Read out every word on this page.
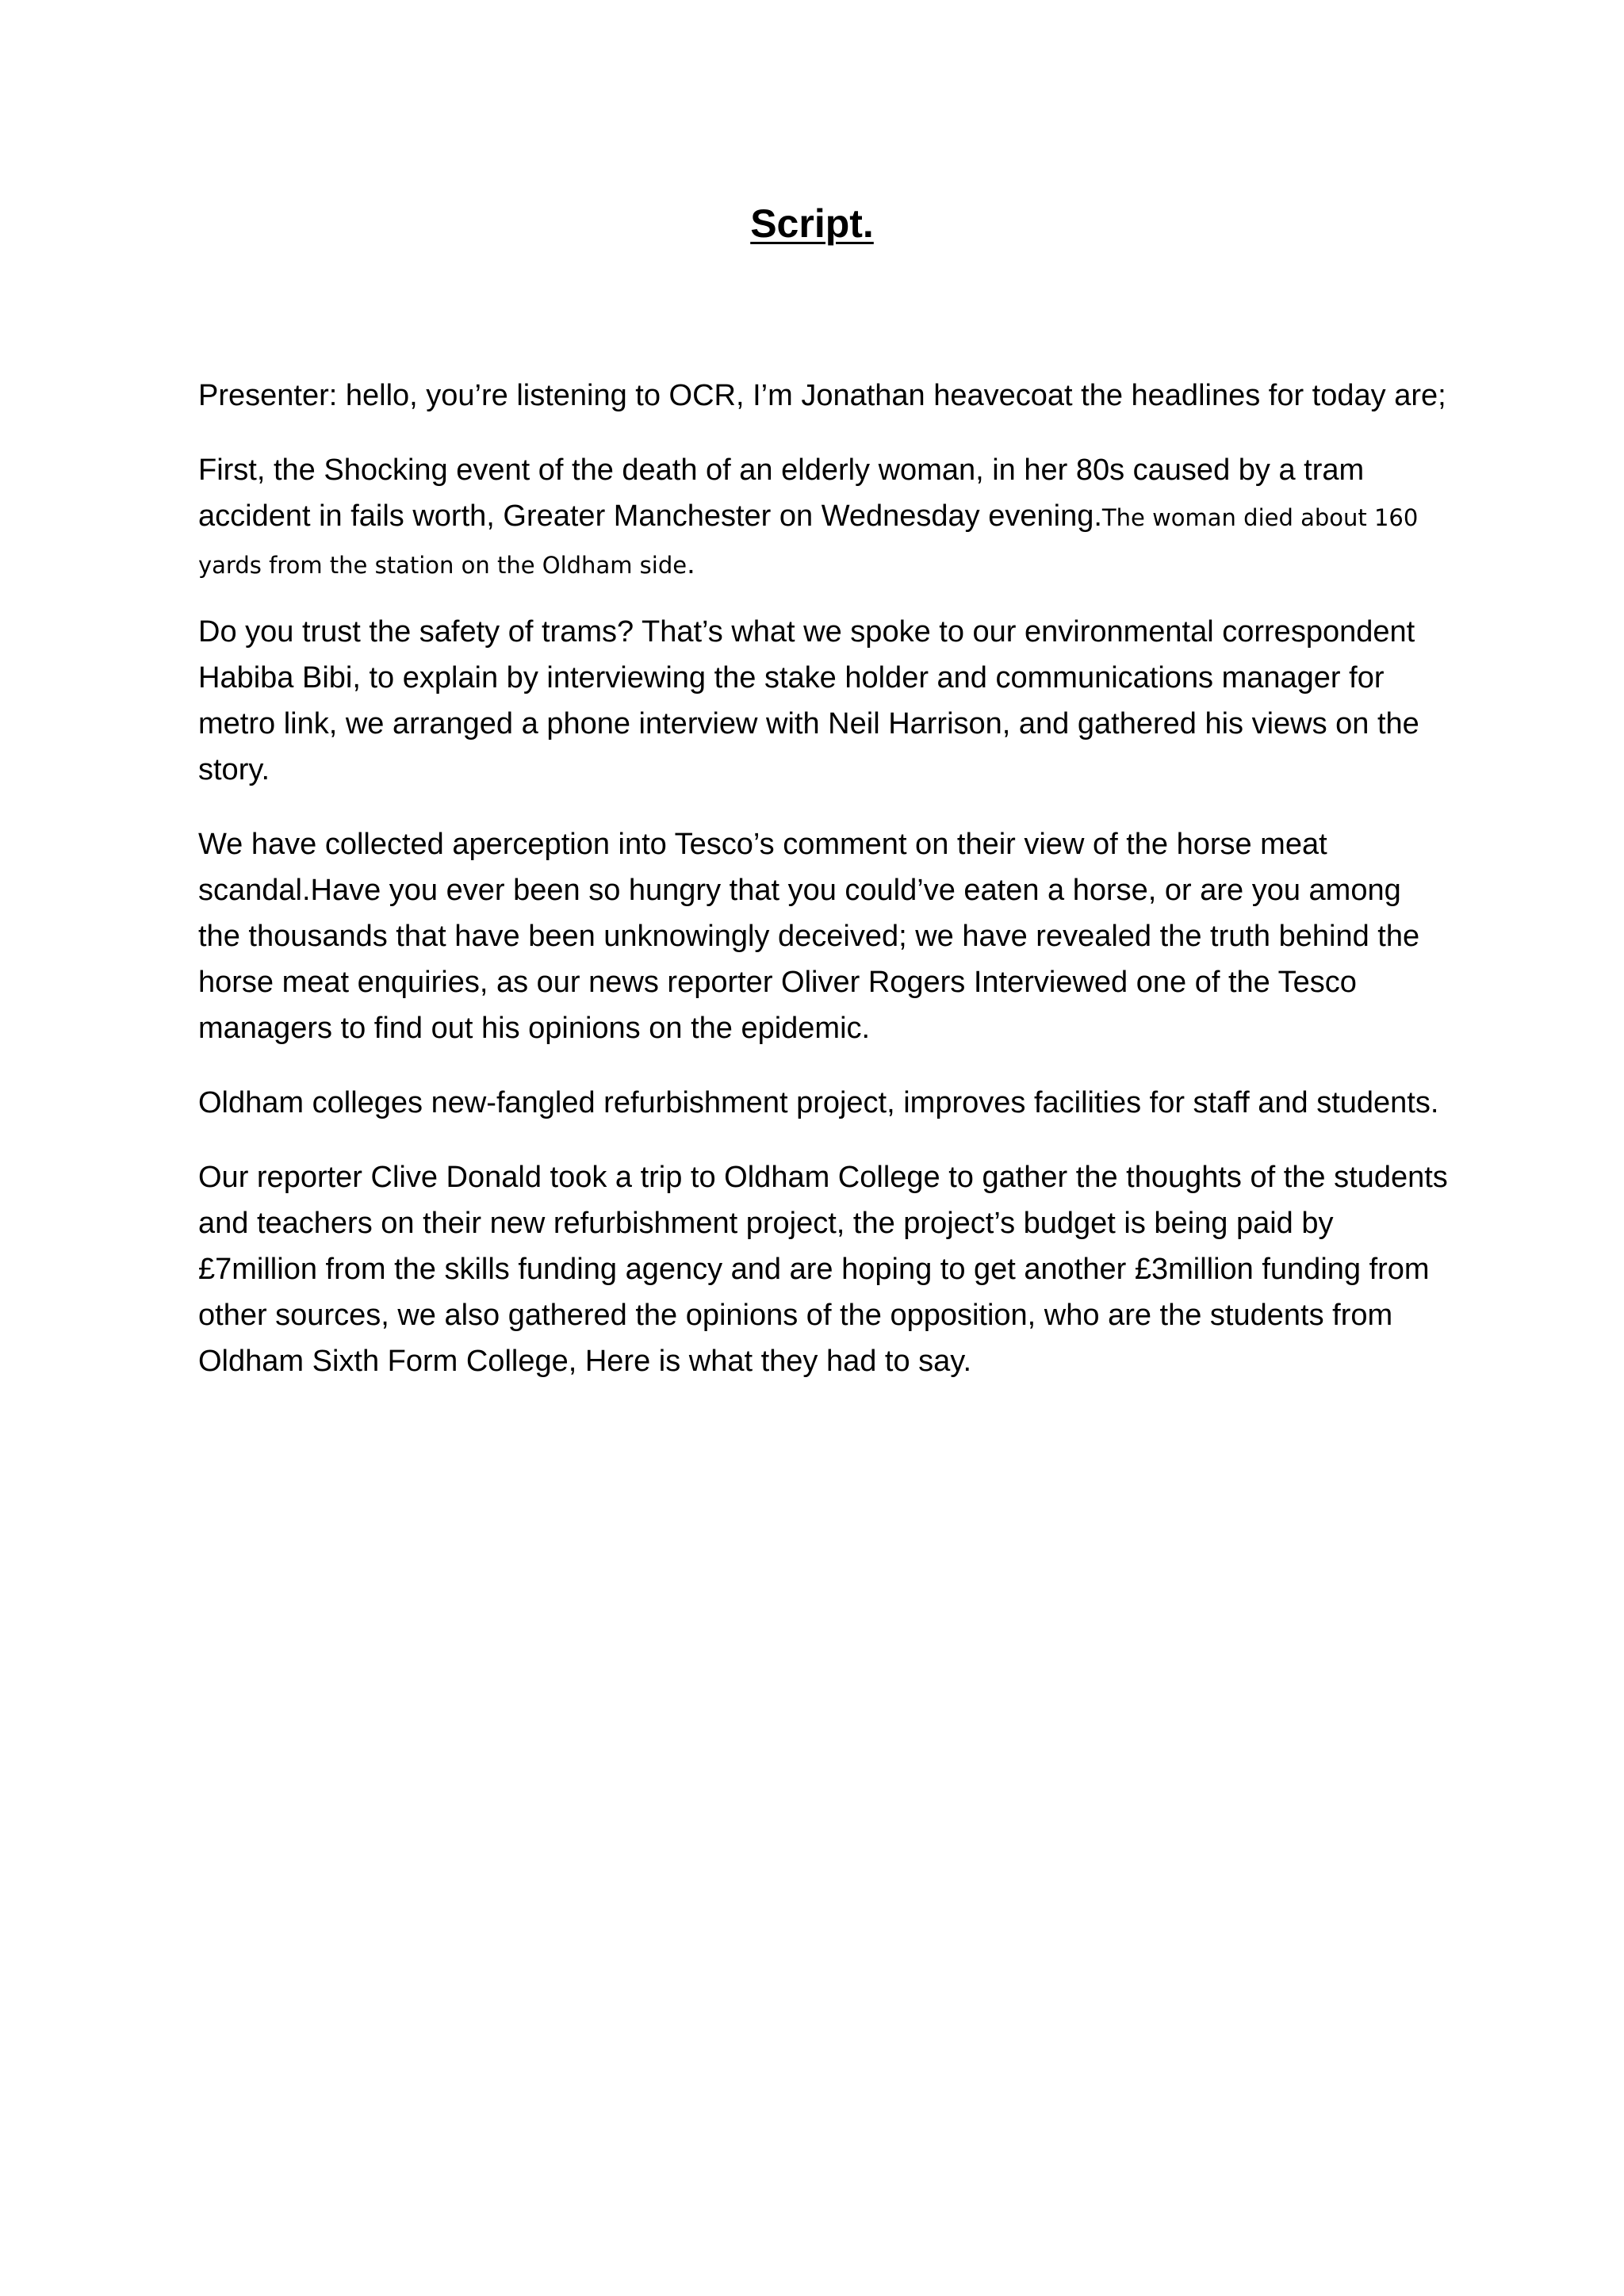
Script.

Presenter: hello, you’re listening to OCR, I’m Jonathan heavecoat the headlines for today are;

First, the Shocking event of the death of an elderly woman, in her 80s caused by a tram accident in fails worth, Greater Manchester on Wednesday evening.The woman died about 160 yards from the station on the Oldham side.

Do you trust the safety of trams? That’s what we spoke to our environmental correspondent Habiba Bibi, to explain by interviewing the stake holder and communications manager for metro link, we arranged a phone interview with Neil Harrison, and gathered his views on the story.

We have collected aperception into Tesco’s comment on their view of the horse meat scandal.Have you ever been so hungry that you could’ve eaten a horse, or are you among the thousands that have been unknowingly deceived; we have revealed the truth behind the horse meat enquiries, as our news reporter Oliver Rogers Interviewed one of the Tesco managers to find out his opinions on the epidemic.

Oldham colleges new-fangled refurbishment project, improves facilities for staff and students.

Our reporter Clive Donald took a trip to Oldham College to gather the thoughts of the students and teachers on their new refurbishment project, the project’s budget is being paid by £7million from the skills funding agency and are hoping to get another £3million funding from other sources, we also gathered the opinions of the opposition, who are the students from Oldham Sixth Form College, Here is what they had to say.
